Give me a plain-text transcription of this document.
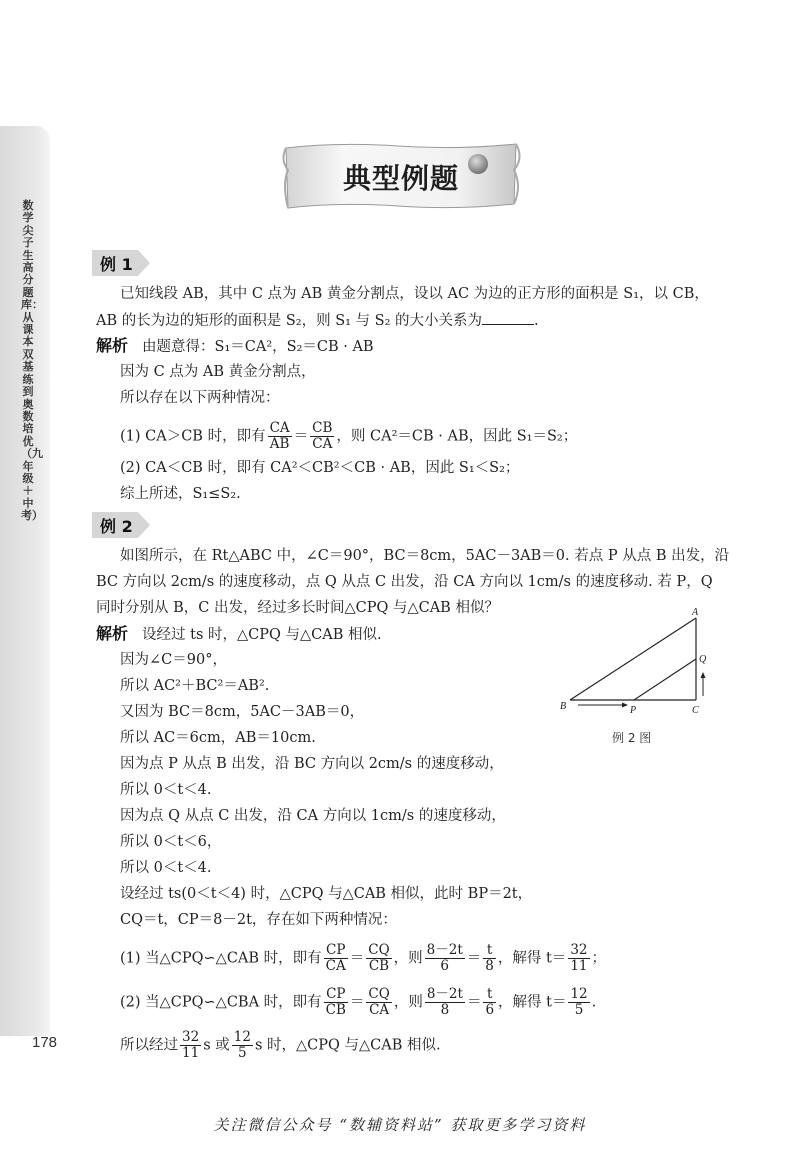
数学尖子生高分题库：从课本双基练到奥数培优（九年级＋中考）
178
典型例题
例 1
已知线段 AB，其中 C 点为 AB 黄金分割点，设以 AC 为边的正方形的面积是 S₁，以 CB，
AB 的长为边的矩形的面积是 S₂，则 S₁ 与 S₂ 的大小关系为	.
解析 由题意得：S₁＝CA²，S₂＝CB · AB
因为 C 点为 AB 黄金分割点，
所以存在以下两种情况：
(1) CA＞CB 时，即有 $\frac{CA}{AB} = \frac{CB}{CA}$ ，则 CA²＝CB · AB，因此 S₁＝S₂；
(2) CA＜CB 时，即有 CA²＜CB²＜CB · AB，因此 S₁＜S₂；
综上所述，S₁≤S₂.
例 2
如图所示，在 Rt△ABC 中，∠C＝90°，BC＝8cm，5AC－3AB＝0. 若点 P 从点 B 出发，沿
BC 方向以 2cm/s 的速度移动，点 Q 从点 C 出发，沿 CA 方向以 1cm/s 的速度移动. 若 P，Q
同时分别从 B，C 出发，经过多长时间△CPQ 与△CAB 相似？
解析 设经过 ts 时，△CPQ 与△CAB 相似.
因为∠C＝90°，
所以 AC²＋BC²＝AB².
又因为 BC＝8cm，5AC－3AB＝0，
所以 AC＝6cm，AB＝10cm.
因为点 P 从点 B 出发，沿 BC 方向以 2cm/s 的速度移动，
所以 0＜t＜4.
因为点 Q 从点 C 出发，沿 CA 方向以 1cm/s 的速度移动，
所以 0＜t＜6，
所以 0＜t＜4.
设经过 ts(0＜t＜4) 时，△CPQ 与△CAB 相似，此时 BP＝2t，
CQ＝t，CP＝8－2t，存在如下两种情况：
(1) 当△CPQ∽△CAB 时，即有 $\frac{CP}{CA} = \frac{CQ}{CB}$ ，则 $\frac{8-2t}{6} = \frac{t}{8}$ ，解得 $t= \frac{32}{11}$ ；
(2) 当△CPQ∽△CBA 时，即有 $\frac{CP}{CB} = \frac{CQ}{CA}$ ，则 $\frac{8-2t}{8} = \frac{t}{6}$ ，解得 $t= \frac{12}{5}$ .
所以经过 $\frac{32}{11}$ s 或 $\frac{12}{5}$ s 时，△CPQ 与△CAB 相似.
A
B	C
P
Q
例 2 图
关注微信公众号 “数辅资料站” 获取更多学习资料
